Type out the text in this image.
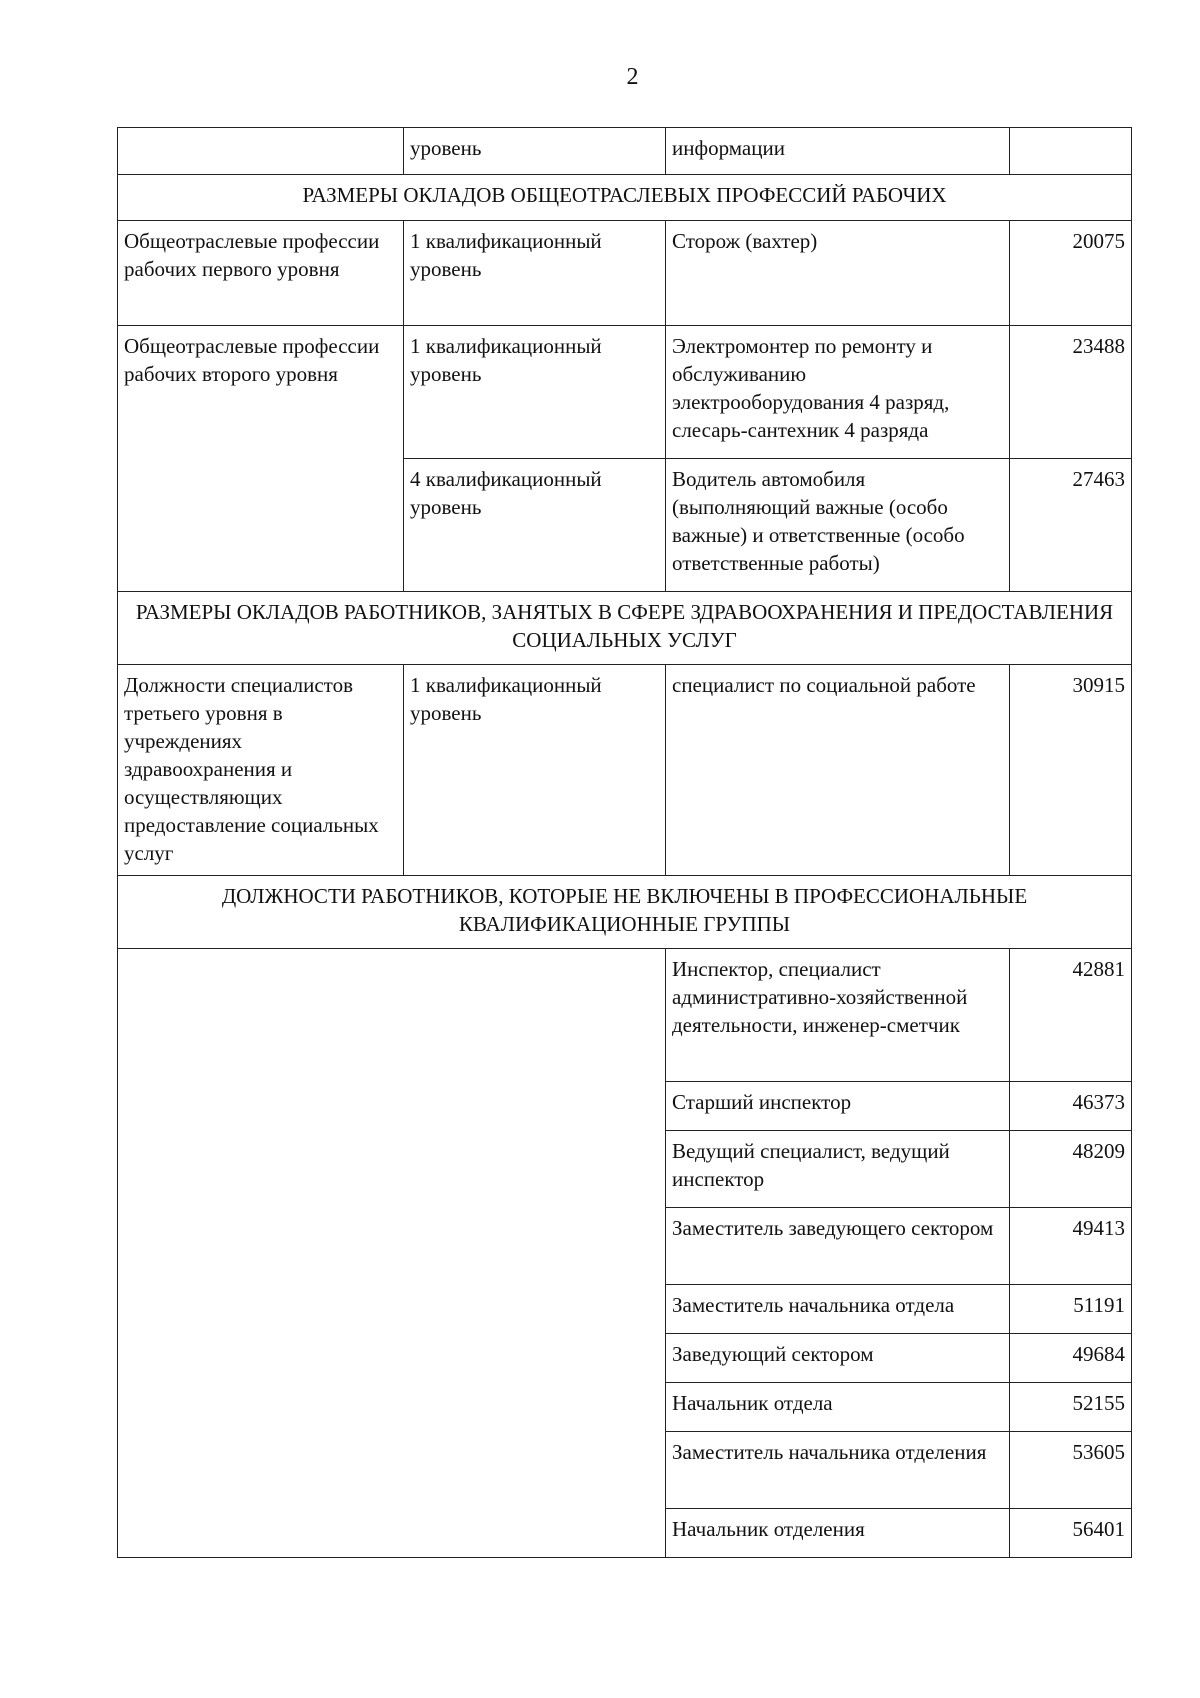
2
	уровень	информации	
РАЗМЕРЫ ОКЛАДОВ ОБЩЕОТРАСЛЕВЫХ ПРОФЕССИЙ РАБОЧИХ			
Общеотраслевые профессии рабочих первого уровня	1 квалификационный уровень	Сторож (вахтер)	20075
Общеотраслевые профессии рабочих второго уровня	1 квалификационный уровень	Электромонтер по ремонту и обслуживанию электрооборудования 4 разряд, слесарь-сантехник 4 разряда	23488
	4 квалификационный уровень	Водитель автомобиля (выполняющий важные (особо важные) и ответственные (особо ответственные работы)	27463
РАЗМЕРЫ ОКЛАДОВ РАБОТНИКОВ, ЗАНЯТЫХ В СФЕРЕ ЗДРАВООХРАНЕНИЯ И ПРЕДОСТАВЛЕНИЯ СОЦИАЛЬНЫХ УСЛУГ			
Должности специалистов третьего уровня в учреждениях здравоохранения и осуществляющих предоставление социальных услуг	1 квалификационный уровень	специалист по социальной работе	30915
ДОЛЖНОСТИ РАБОТНИКОВ, КОТОРЫЕ НЕ ВКЛЮЧЕНЫ В ПРОФЕССИОНАЛЬНЫЕ КВАЛИФИКАЦИОННЫЕ ГРУППЫ			
		Инспектор, специалист административно-хозяйственной деятельности, инженер-сметчик	42881
		Старший инспектор	46373
		Ведущий специалист, ведущий инспектор	48209
		Заместитель заведующего сектором	49413
		Заместитель начальника отдела	51191
		Заведующий сектором	49684
		Начальник отдела	52155
		Заместитель начальника отделения	53605
		Начальник отделения	56401
